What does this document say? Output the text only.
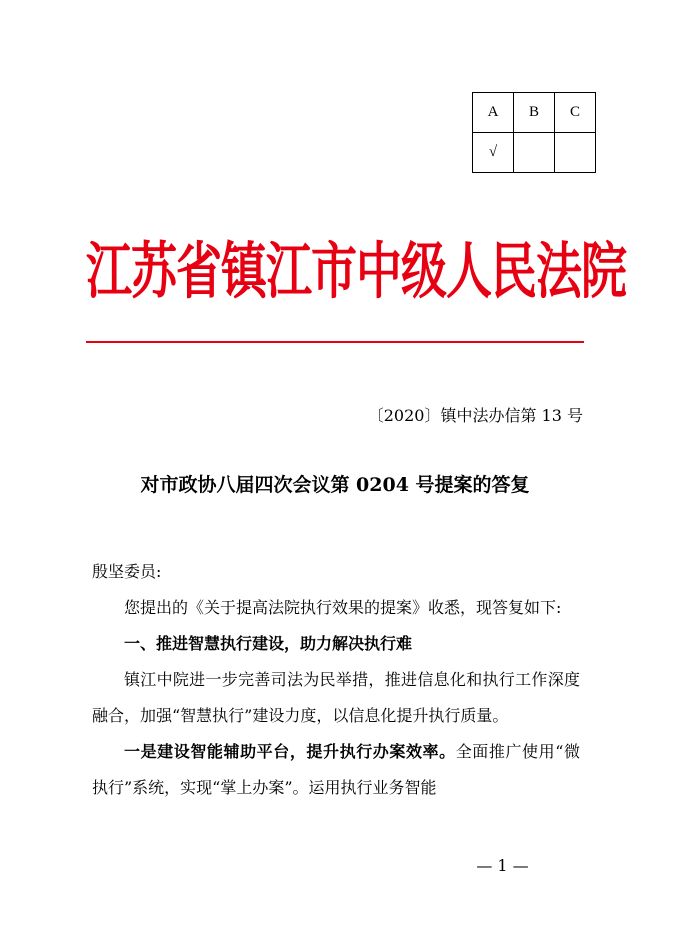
A	B	C
√		
江苏省镇江市中级人民法院
〔2020〕镇中法办信第 13 号
对市政协八届四次会议第 0204 号提案的答复

殷坚委员:

您提出的《关于提高法院执行效果的提案》收悉，现答复如下:

一、推进智慧执行建设，助力解决执行难

镇江中院进一步完善司法为民举措，推进信息化和执行工作深度融合，加强“智慧执行”建设力度，以信息化提升执行质量。

一是建设智能辅助平台，提升执行办案效率。全面推广使用“微执行”系统，实现“掌上办案”。运用执行业务智能

— 1 —
